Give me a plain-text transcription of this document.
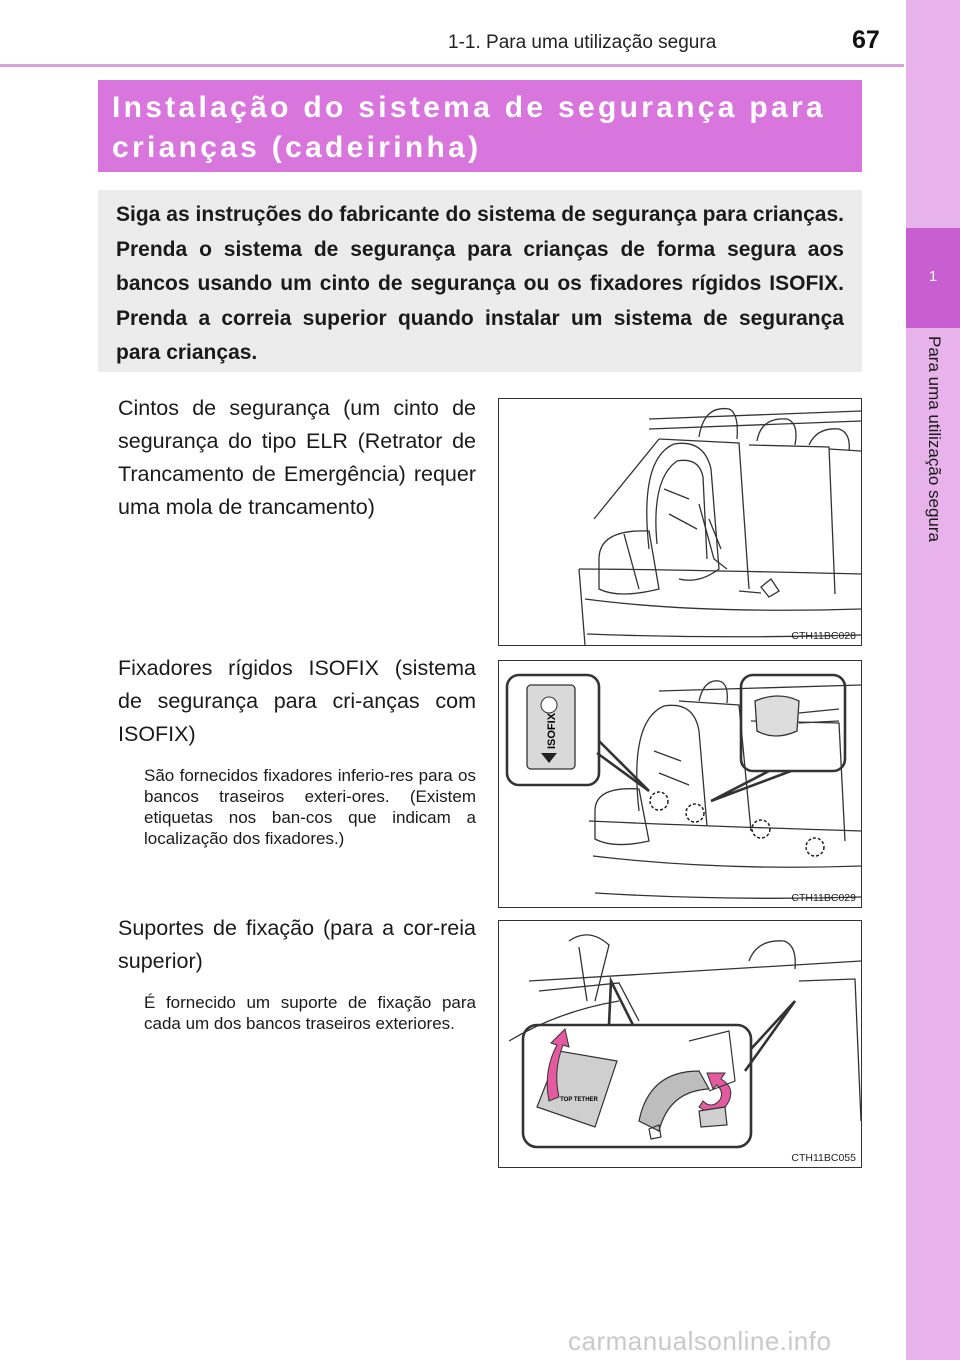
1-1. Para uma utilização segura	67
1
Para uma utilização segura
Instalação do sistema de segurança para
crianças (cadeirinha)
Siga as instruções do fabricante do sistema de segurança para crianças. Prenda o sistema de segurança para crianças de forma segura aos bancos usando um cinto de segurança ou os fixadores rígidos ISOFIX. Prenda a correia superior quando instalar um sistema de segurança para crianças.
Cintos de segurança (um cinto de segurança do tipo ELR (Retrator de Trancamento de Emergência) requer uma mola de trancamento)
Fixadores rígidos ISOFIX (sistema de segurança para cri-anças com ISOFIX)
São fornecidos fixadores inferio-res para os bancos traseiros exteri-ores. (Existem etiquetas nos ban-cos que indicam a localização dos fixadores.)
Suportes de fixação (para a cor-reia superior)
É fornecido um suporte de fixação para cada um dos bancos traseiros exteriores.
CTH11BC028
ISOFIX
CTH11BC029
TOP TETHER
CTH11BC055
carmanualsonline.info
